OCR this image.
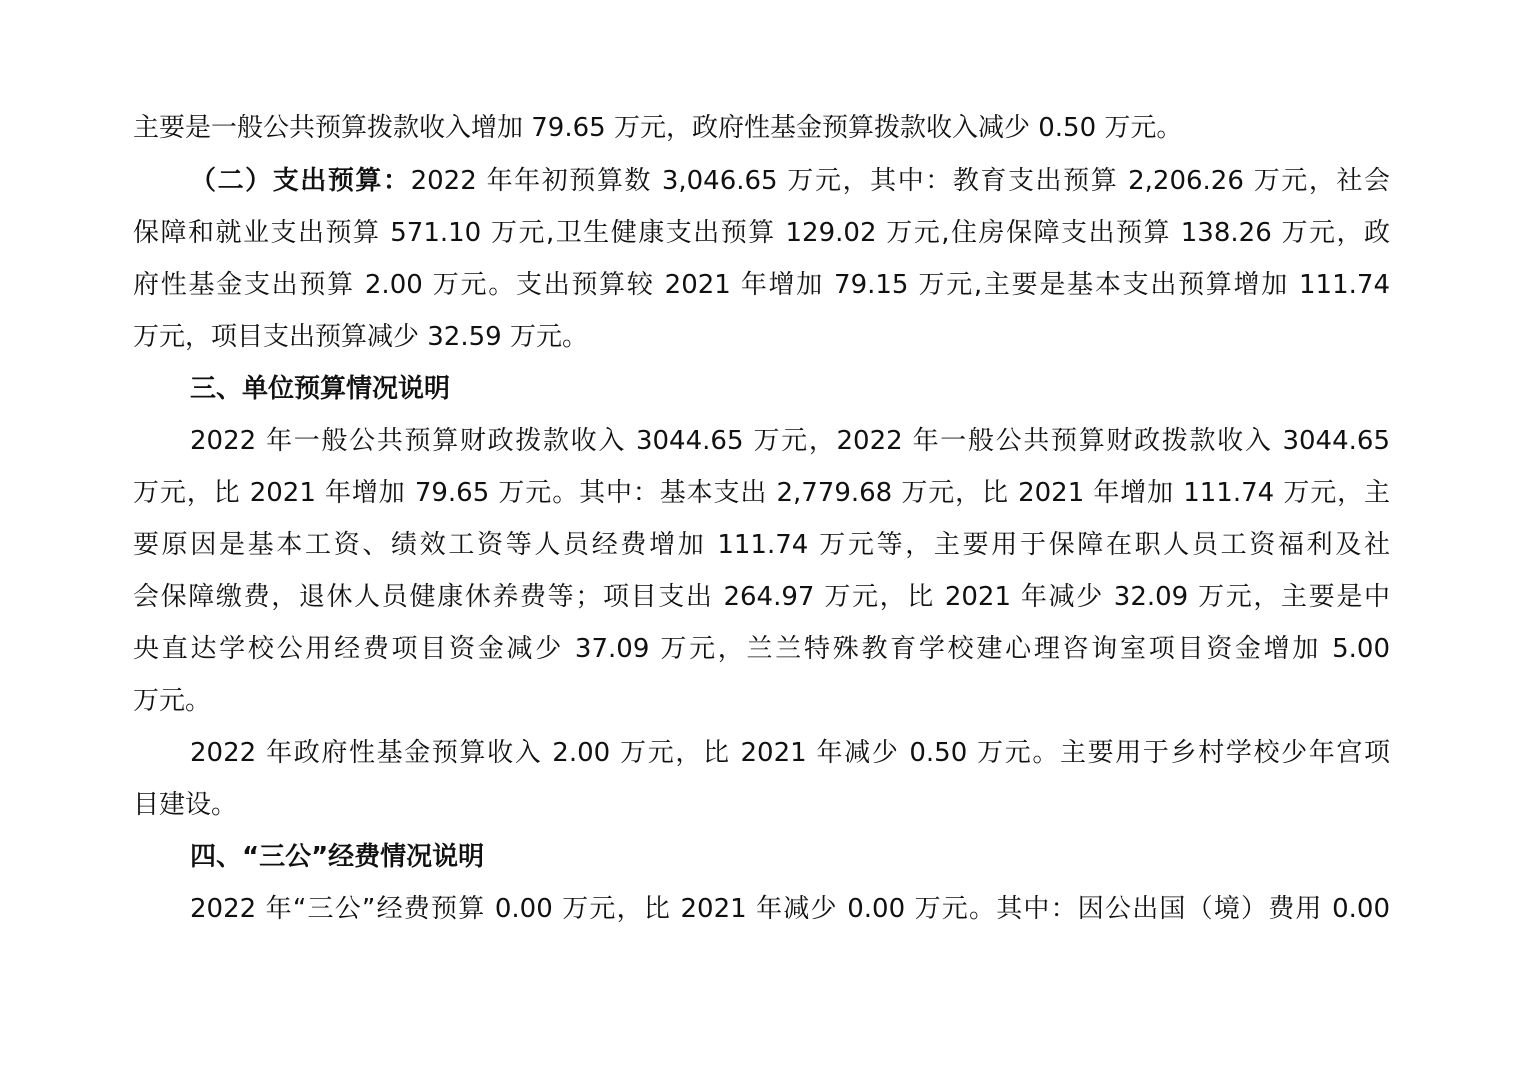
主要是一般公共预算拨款收入增加 79.65 万元，政府性基金预算拨款收入减少 0.50 万元。
（二）支出预算：2022 年年初预算数 3,046.65 万元，其中：教育支出预算 2,206.26 万元，社会
保障和就业支出预算 571.10 万元,卫生健康支出预算 129.02 万元,住房保障支出预算 138.26 万元，政
府性基金支出预算 2.00 万元。支出预算较 2021 年增加 79.15 万元,主要是基本支出预算增加 111.74
万元，项目支出预算减少 32.59 万元。
三、单位预算情况说明
2022 年一般公共预算财政拨款收入 3044.65 万元，2022 年一般公共预算财政拨款收入 3044.65
万元，比 2021 年增加 79.65 万元。其中：基本支出 2,779.68 万元，比 2021 年增加 111.74 万元，主
要原因是基本工资、绩效工资等人员经费增加 111.74 万元等，主要用于保障在职人员工资福利及社
会保障缴费，退休人员健康休养费等；项目支出 264.97 万元，比 2021 年减少 32.09 万元，主要是中
央直达学校公用经费项目资金减少 37.09 万元，兰兰特殊教育学校建心理咨询室项目资金增加 5.00
万元。
2022 年政府性基金预算收入 2.00 万元，比 2021 年减少 0.50 万元。主要用于乡村学校少年宫项
目建设。
四、“三公”经费情况说明
2022 年“三公”经费预算 0.00 万元，比 2021 年减少 0.00 万元。其中：因公出国（境）费用 0.00
